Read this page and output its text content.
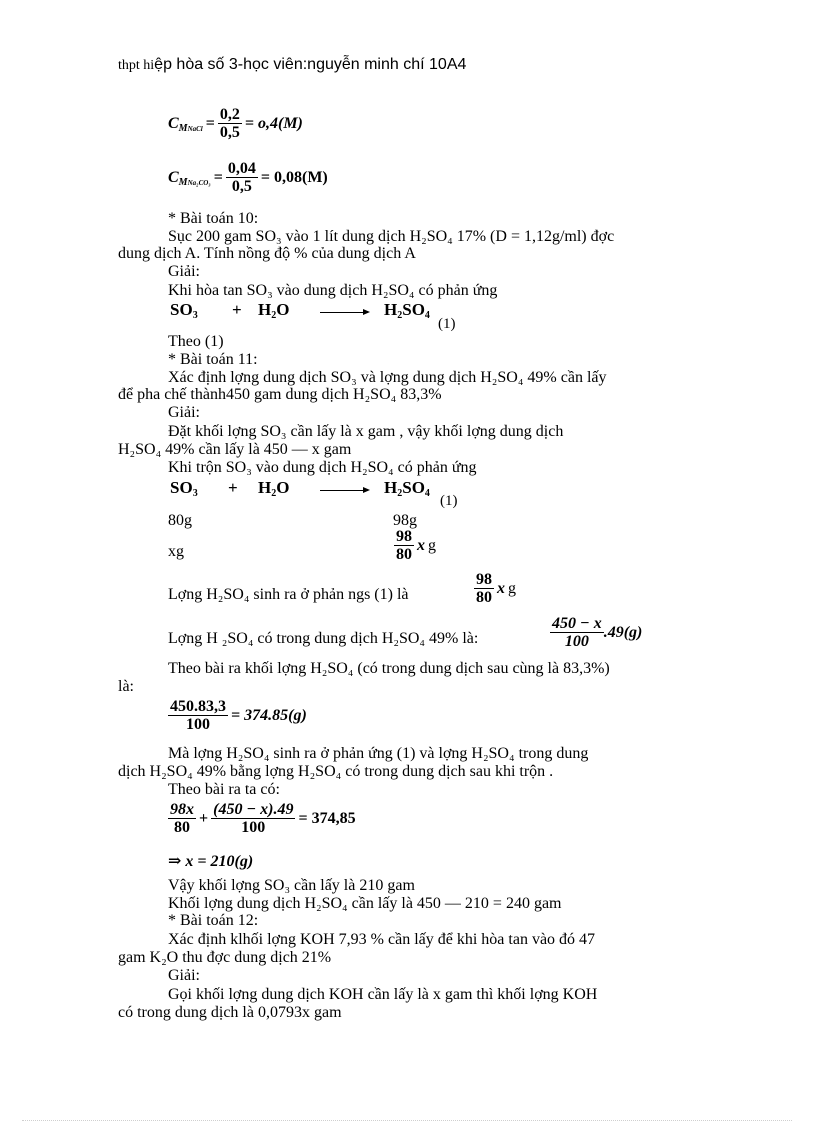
thpt hiệp hòa số 3-học viên:nguyễn minh chí 10A4
$C_{MNaCl} = \frac{0,2}{0,5} = o,4(M)$
$C_{MNa_2CO_3} = \frac{0,04}{0,5} = 0,08(M)$
* Bài toán 10:
Sục 200 gam SO₃ vào 1 lít dung dịch H₂SO₄ 17% (D = 1,12g/ml) đợc
dung dịch A. Tính nồng độ % của dung dịch A
Giải:
Khi hòa tan SO₃ vào dung dịch H₂SO₄ có phản ứng
$SO_3 + H_2O \to H_2SO_4$
(1)
Theo (1)
* Bài toán 11:
Xác định lợng dung dịch SO₃ và lợng dung dịch H₂SO₄ 49% cần lấy
để pha chế thành450 gam dung dịch H₂SO₄ 83,3%
Giải:
Đặt khối lợng SO₃ cần lấy là x gam , vậy khối lợng dung dịch
H₂SO₄ 49% cần lấy là 450 — x gam
Khi trộn SO₃ vào dung dịch H₂SO₄ có phản ứng
$SO_3 + H_2O \to H_2SO_4$ (1)
80g	98g
xg	$\frac{98}{80}$ x g
Lợng H₂SO₄ sinh ra ở phản ngs (1) là	$\frac{98}{80}$ x g
Lợng H ₂SO₄ có trong dung dịch H₂SO₄ 49% là:	$\frac{450 - x}{100} .49(g)$
Theo bài ra khối lợng H₂SO₄ (có trong dung dịch sau cùng là 83,3%)
là:
$\frac{450.83,3}{100} = 374.85(g)$
Mà lợng H₂SO₄ sinh ra ở phản ứng (1) và lợng H₂SO₄ trong dung
dịch H₂SO₄ 49% bằng lợng H₂SO₄ có trong dung dịch sau khi trộn .
Theo bài ra ta có:
$\frac{98x}{80} + \frac{(450 - x).49}{100} = 374,85$
⇒ x = 210(g)
Vậy khối lợng SO₃ cần lấy là 210 gam
Khối lợng dung dịch H₂SO₄ cần lấy là 450 — 210 = 240 gam
* Bài toán 12:
Xác định klhối lợng KOH 7,93 % cần lấy để khi hòa tan vào đó 47
gam K₂O thu đợc dung dịch 21%
Giải:
Gọi khối lợng dung dịch KOH cần lấy là x gam thì khối lợng KOH
có trong dung dịch là 0,0793x gam
